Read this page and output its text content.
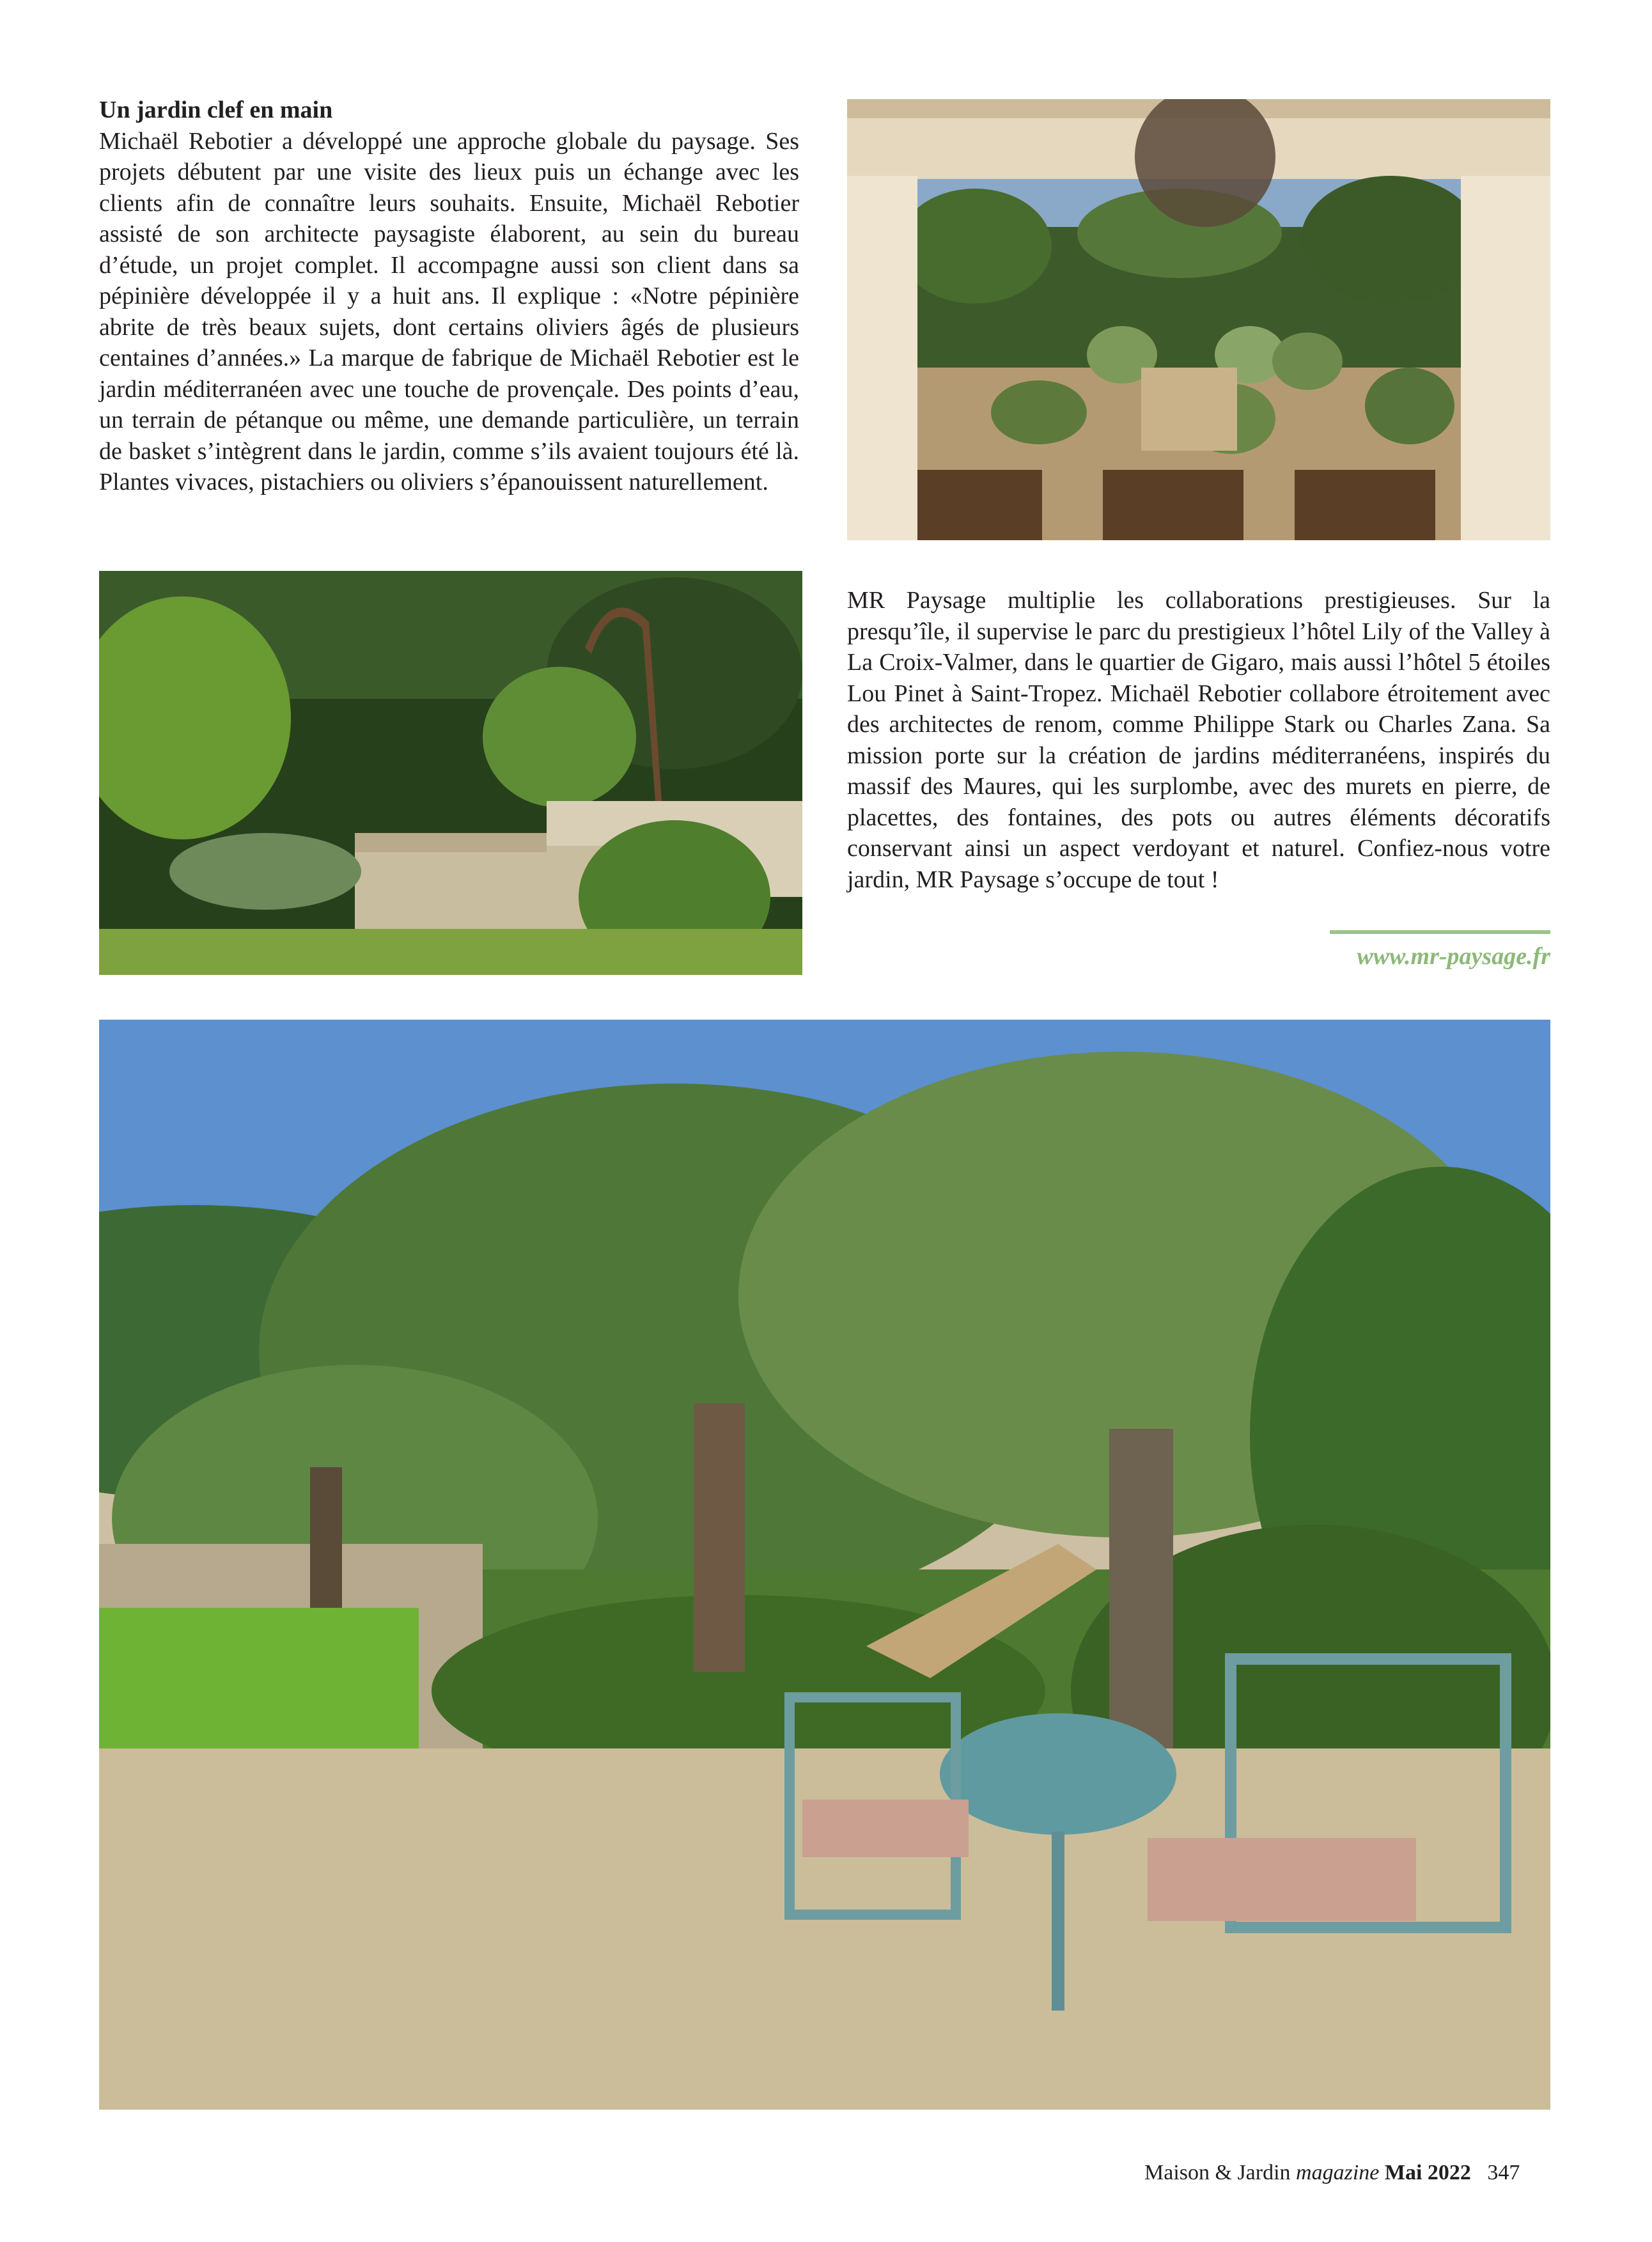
Un jardin clef en main

Michaël Rebotier a développé une approche globale du paysage. Ses projets débutent par une visite des lieux puis un échange avec les clients afin de connaître leurs souhaits. Ensuite, Michaël Rebotier assisté de son architecte paysagiste élaborent, au sein du bureau d’étude, un projet complet. Il accompagne aussi son client dans sa pépinière développée il y a huit ans. Il explique : «Notre pépinière abrite de très beaux sujets, dont certains oliviers âgés de plusieurs centaines d’années.» La marque de fabrique de Michaël Rebotier est le jardin méditerranéen avec une touche de provençale. Des points d’eau, un terrain de pétanque ou même, une demande particulière, un terrain de basket s’intègrent dans le jardin, comme s’ils avaient toujours été là. Plantes vivaces, pistachiers ou oliviers s’épanouissent naturellement.

MR Paysage multiplie les collaborations prestigieuses. Sur la presqu’île, il supervise le parc du prestigieux l’hôtel Lily of the Valley à La Croix-Valmer, dans le quartier de Gigaro, mais aussi l’hôtel 5 étoiles Lou Pinet à Saint-Tropez. Michaël Rebotier collabore étroitement avec des architectes de renom, comme Philippe Stark ou Charles Zana. Sa mission porte sur la création de jardins méditerranéens, inspirés du massif des Maures, qui les surplombe, avec des murets en pierre, de placettes, des fontaines, des pots ou autres éléments décoratifs conservant ainsi un aspect verdoyant et naturel. Confiez-nous votre jardin, MR Paysage s’occupe de tout !

www.mr-paysage.fr
Maison & Jardin magazine Mai 2022 347
